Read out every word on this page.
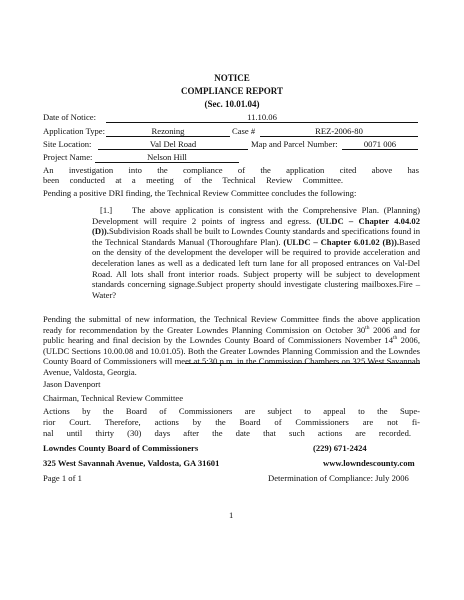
NOTICE
COMPLIANCE REPORT
(Sec. 10.01.04)
Date of Notice:	11.10.06
Application Type:	Rezoning	Case #	REZ-2006-80
Site Location:	Val Del Road	Map and Parcel Number:	0071 006
Project Name:	Nelson Hill
An investigation into the compliance of the application cited above has
been conducted at a meeting of the Technical Review Committee.
Pending a positive DRI finding, the Technical Review Committee concludes the following:
[1.]	The above application is consistent with the Comprehensive Plan. (Planning) Development will require 2 points of ingress and egress. (ULDC – Chapter 4.04.02 (D)).Subdivision Roads shall be built to Lowndes County standards and specifications found in the Technical Standards Manual (Thoroughfare Plan). (ULDC – Chapter 6.01.02 (B)).Based on the density of the development the developer will be required to provide acceleration and deceleration lanes as well as a dedicated left turn lane for all proposed entrances on Val-Del Road. All lots shall front interior roads. Subject property will be subject to development standards concerning signage.Subject property should investigate clustering mailboxes.Fire – Water?
Pending the submittal of new information, the Technical Review Committee finds the above application ready for recommendation by the Greater Lowndes Planning Commission on October 30th 2006 and for public hearing and final decision by the Lowndes County Board of Commissioners November 14th 2006, (ULDC Sections 10.00.08 and 10.01.05). Both the Greater Lowndes Planning Commission and the Lowndes County Board of Commissioners will meet at 5:30 p.m. in the Commission Chambers on 325 West Savannah Avenue, Valdosta, Georgia.
Jason Davenport
Chairman, Technical Review Committee
Actions by the Board of Commissioners are subject to appeal to the Supe-
rior Court. Therefore, actions by the Board of Commissioners are not fi-
nal until thirty (30) days after the date that such actions are recorded.
Lowndes County Board of Commissioners	(229) 671-2424
325 West Savannah Avenue, Valdosta, GA 31601	www.lowndescounty.com
Page 1 of 1	Determination of Compliance: July 2006
1
